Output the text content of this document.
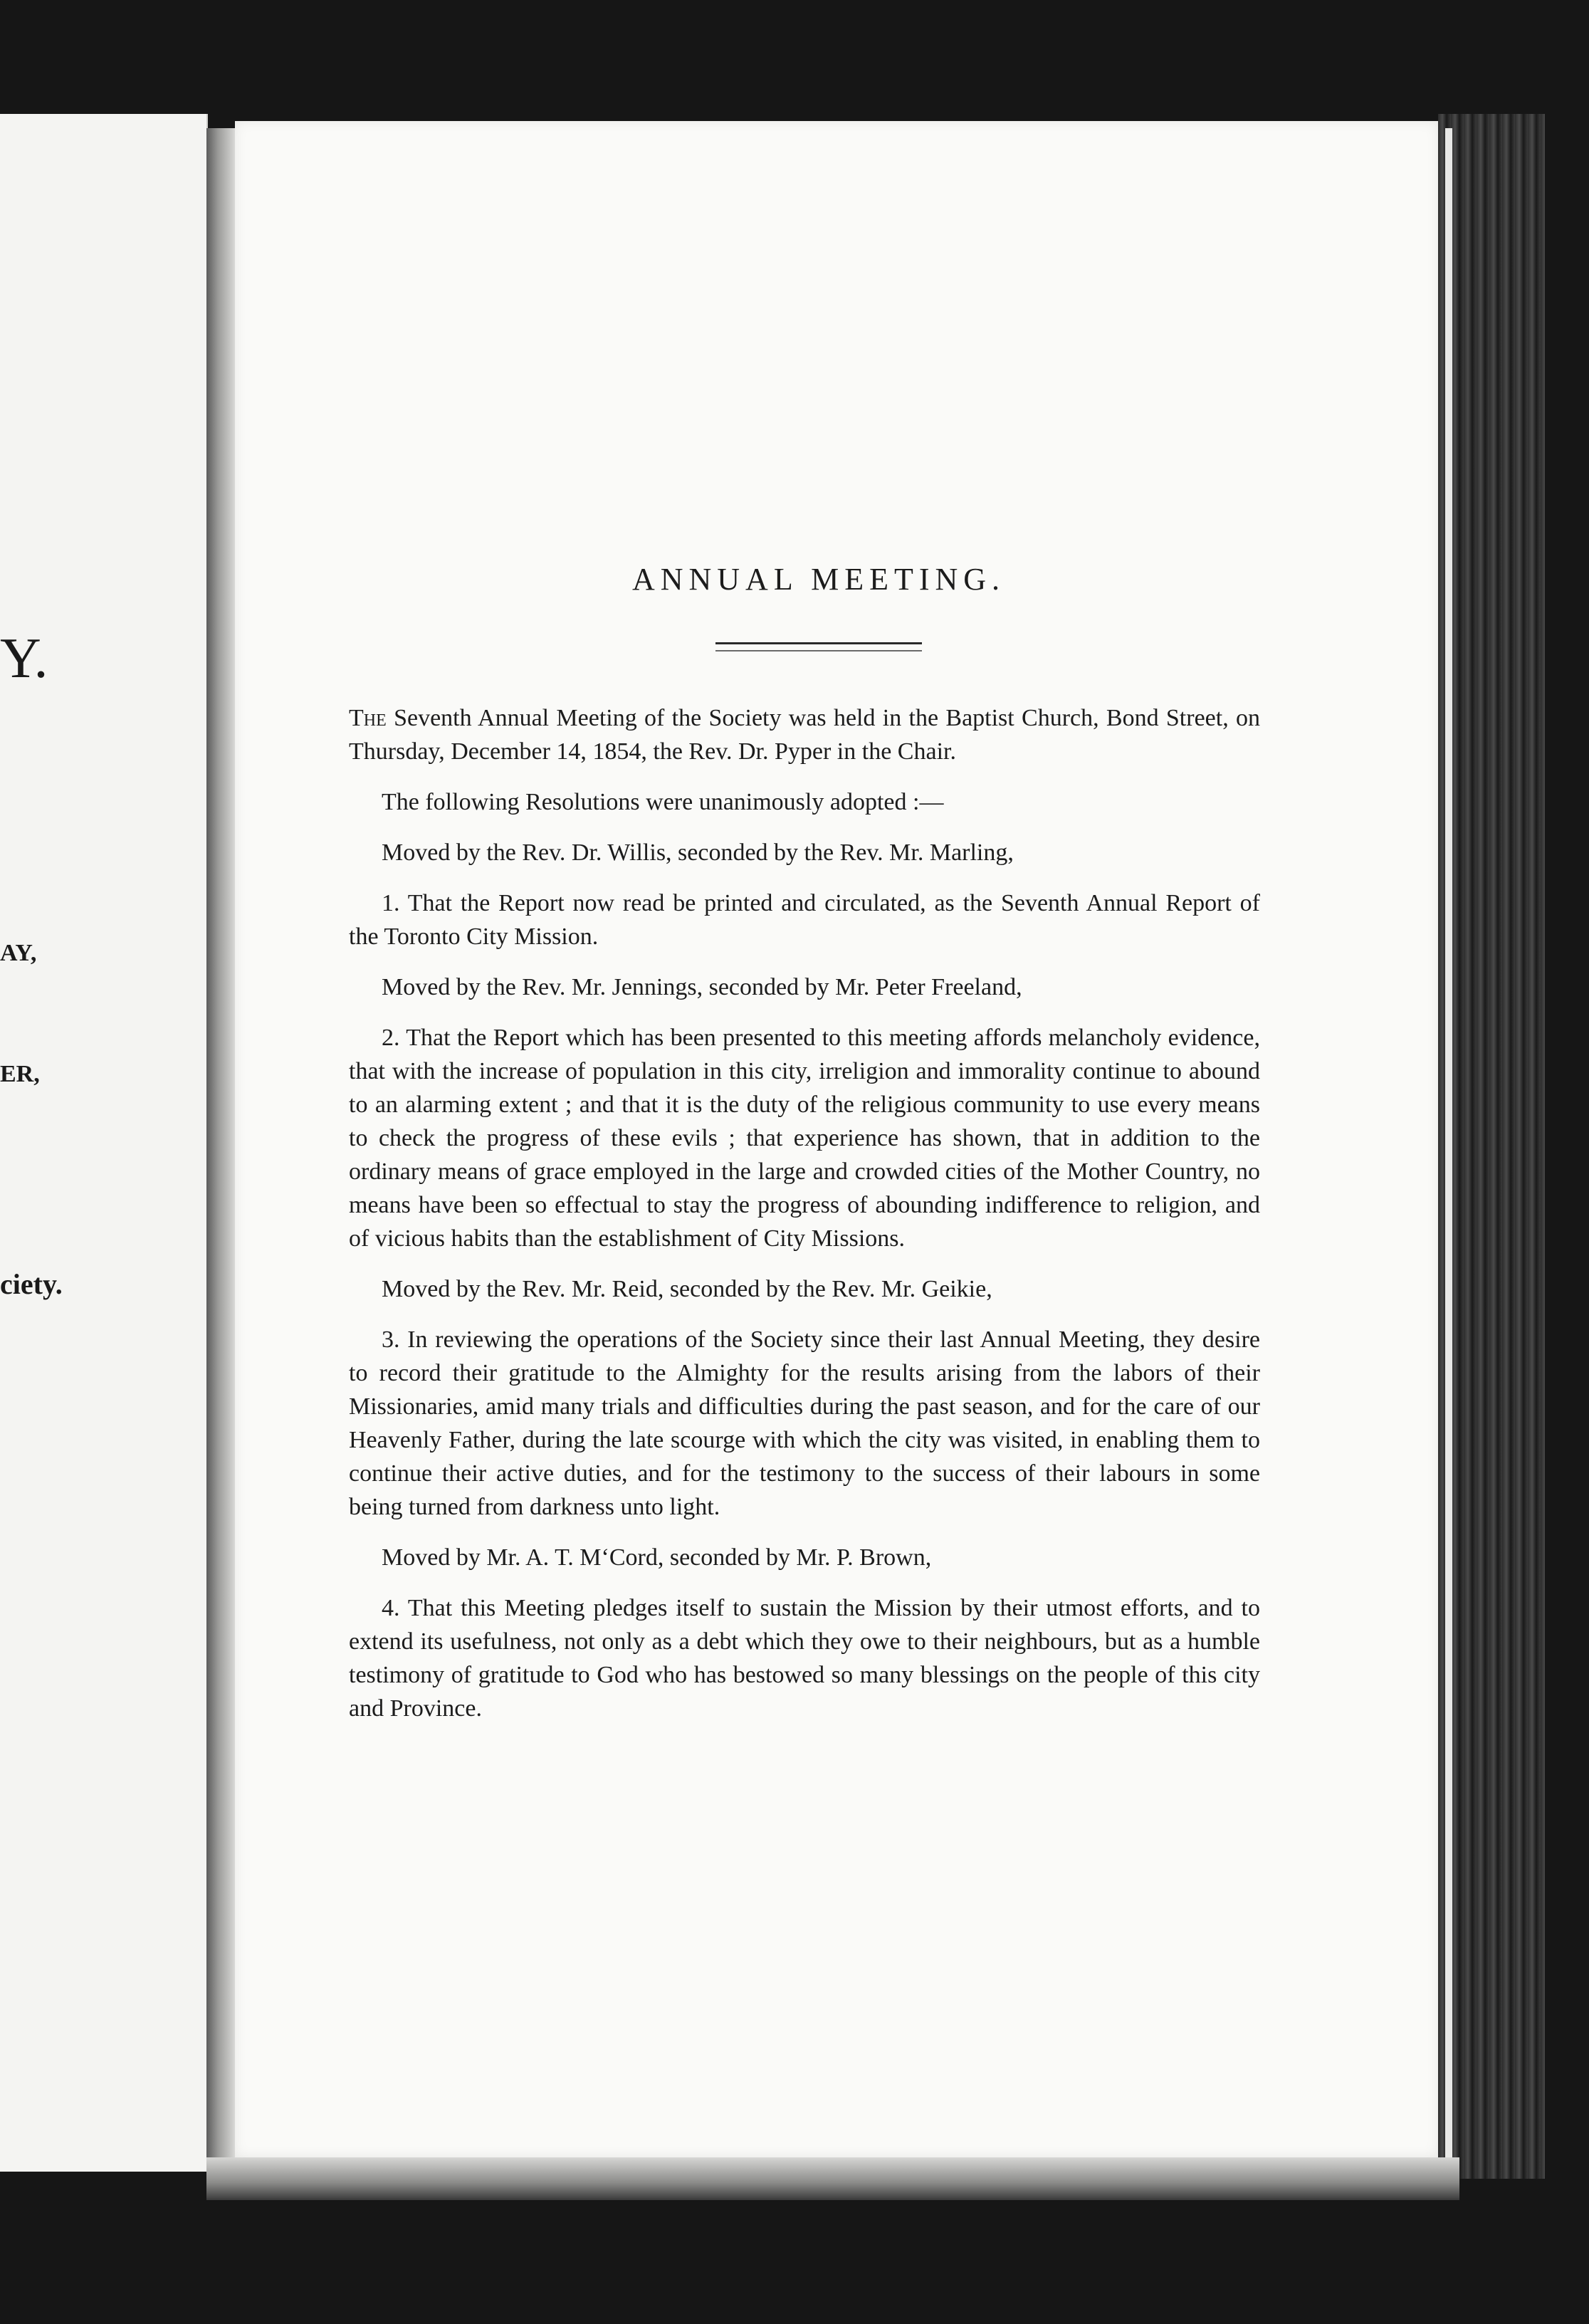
Y.
AY,
ER,
ciety.
ANNUAL MEETING.

The Seventh Annual Meeting of the Society was held in the Baptist Church, Bond Street, on Thursday, December 14, 1854, the Rev. Dr. Pyper in the Chair.

The following Resolutions were unanimously adopted :—

Moved by the Rev. Dr. Willis, seconded by the Rev. Mr. Marling,

1. That the Report now read be printed and circulated, as the Seventh Annual Report of the Toronto City Mission.

Moved by the Rev. Mr. Jennings, seconded by Mr. Peter Freeland,

2. That the Report which has been presented to this meeting affords melancholy evidence, that with the increase of population in this city, irreligion and immorality continue to abound to an alarming extent ; and that it is the duty of the religious community to use every means to check the progress of these evils ; that experience has shown, that in addition to the ordinary means of grace employed in the large and crowded cities of the Mother Country, no means have been so effectual to stay the progress of abounding indifference to religion, and of vicious habits than the establishment of City Missions.

Moved by the Rev. Mr. Reid, seconded by the Rev. Mr. Geikie,

3. In reviewing the operations of the Society since their last Annual Meeting, they desire to record their gratitude to the Almighty for the results arising from the labors of their Missionaries, amid many trials and difficulties during the past season, and for the care of our Heavenly Father, during the late scourge with which the city was visited, in enabling them to continue their active duties, and for the testimony to the success of their labours in some being turned from darkness unto light.

Moved by Mr. A. T. M‘Cord, seconded by Mr. P. Brown,

4. That this Meeting pledges itself to sustain the Mission by their utmost efforts, and to extend its usefulness, not only as a debt which they owe to their neighbours, but as a humble testimony of gratitude to God who has bestowed so many blessings on the people of this city and Province.
